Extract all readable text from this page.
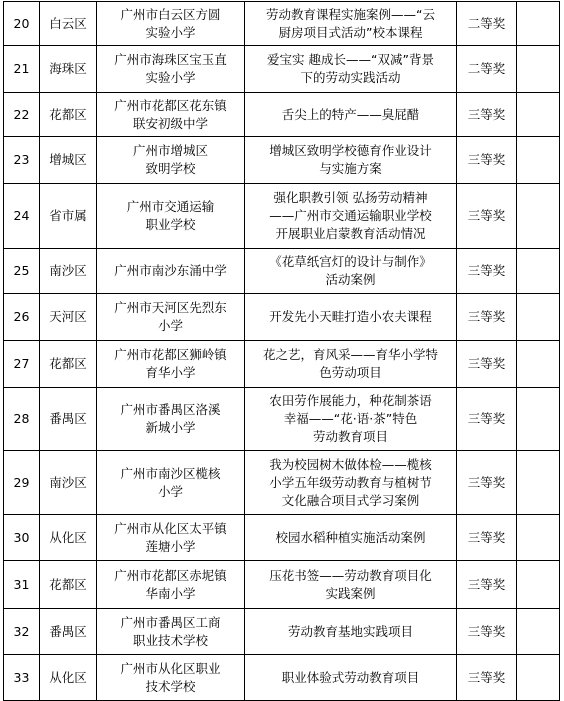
20	白云区	广州市白云区方圆
实验小学	劳动教育课程实施案例——“云
厨房项目式活动”校本课程	二等奖	
21	海珠区	广州市海珠区宝玉直
实验小学	爱宝实 趣成长——“双减”背景
下的劳动实践活动	二等奖	
22	花都区	广州市花都区花东镇
联安初级中学	舌尖上的特产——臭屁醋	三等奖	
23	增城区	广州市增城区
致明学校	增城区致明学校德育作业设计
与实施方案	三等奖	
24	省市属	广州市交通运输
职业学校	强化职教引领 弘扬劳动精神
——广州市交通运输职业学校
开展职业启蒙教育活动情况	三等奖	
25	南沙区	广州市南沙东涌中学	《花草纸宫灯的设计与制作》
活动案例	三等奖	
26	天河区	广州市天河区先烈东
小学	开发先小天畦打造小农夫课程	三等奖	
27	花都区	广州市花都区狮岭镇
育华小学	花之艺，育风采——育华小学特
色劳动项目	三等奖	
28	番禺区	广州市番禺区洛溪
新城小学	农田劳作展能力，种花制茶语
幸福——“花·语·茶”特色
劳动教育项目	三等奖	
29	南沙区	广州市南沙区榄核
小学	我为校园树木做体检——榄核
小学五年级劳动教育与植树节
文化融合项目式学习案例	三等奖	
30	从化区	广州市从化区太平镇
莲塘小学	校园水稻种植实施活动案例	三等奖	
31	花都区	广州市花都区赤坭镇
华南小学	压花书签——劳动教育项目化
实践案例	三等奖	
32	番禺区	广州市番禺区工商
职业技术学校	劳动教育基地实践项目	三等奖	
33	从化区	广州市从化区职业
技术学校	职业体验式劳动教育项目	三等奖	
